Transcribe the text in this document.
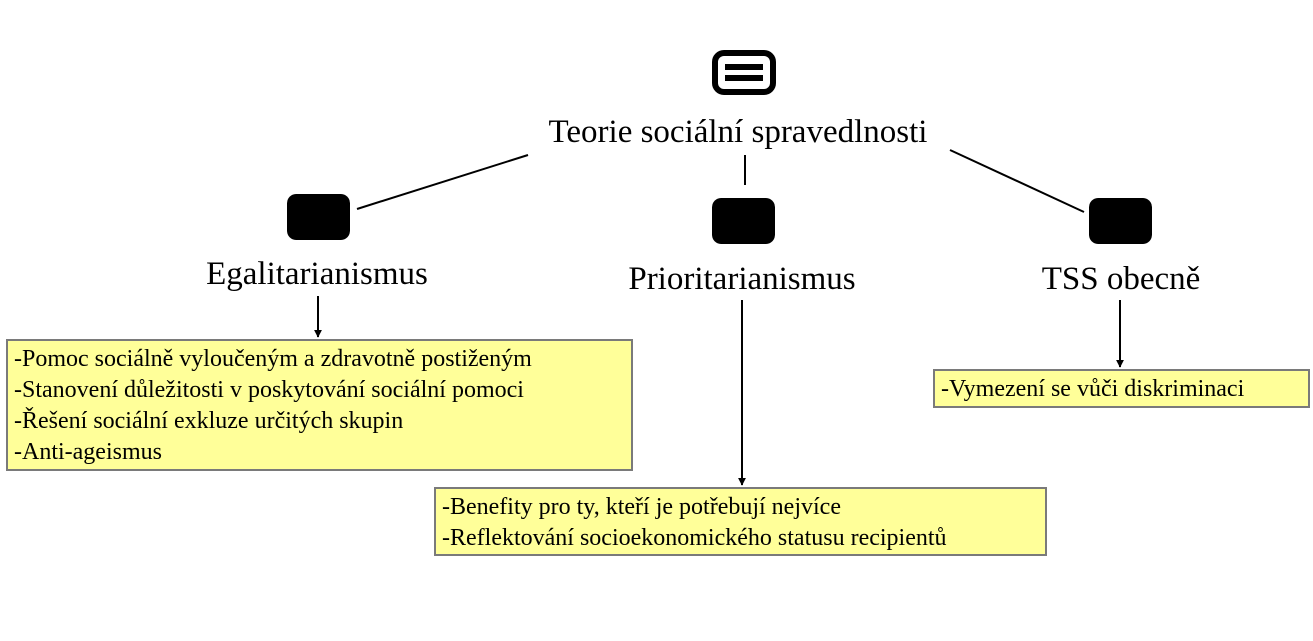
Teorie sociální spravedlnosti
Egalitarianismus
-Pomoc sociálně vyloučeným a zdravotně postiženým
-Stanovení důležitosti v poskytování sociální pomoci
-Řešení sociální exkluze určitých skupin
-Anti-ageismus
Prioritarianismus
-Benefity pro ty, kteří je potřebují nejvíce
-Reflektování socioekonomického statusu recipientů
TSS obecně
-Vymezení se vůči diskriminaci
